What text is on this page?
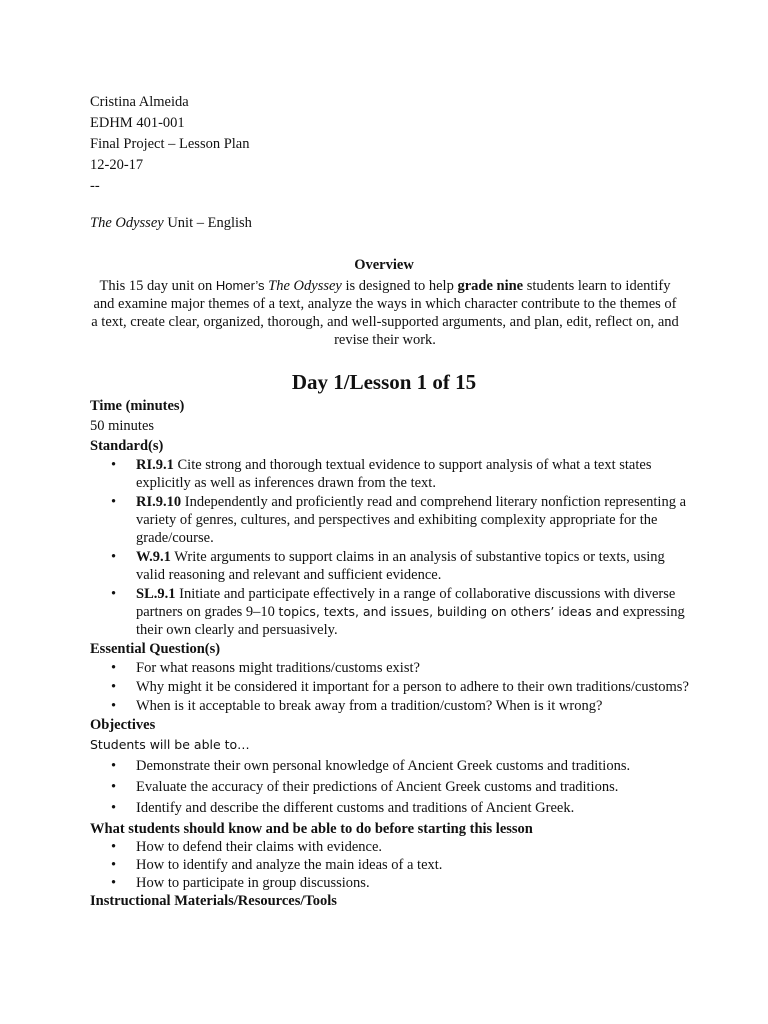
Cristina Almeida
EDHM 401-001
Final Project – Lesson Plan
12-20-17
--
The Odyssey Unit – English
Overview
This 15 day unit on Homer’s The Odyssey is designed to help grade nine students learn to identify and examine major themes of a text, analyze the ways in which character contribute to the themes of a text, create clear, organized, thorough, and well-supported arguments, and plan, edit, reflect on, and revise their work.
Day 1/Lesson 1 of 15
Time (minutes)
50 minutes
Standard(s)
• RI.9.1 Cite strong and thorough textual evidence to support analysis of what a text states explicitly as well as inferences drawn from the text.
• RI.9.10 Independently and proficiently read and comprehend literary nonfiction representing a variety of genres, cultures, and perspectives and exhibiting complexity appropriate for the grade/course.
• W.9.1 Write arguments to support claims in an analysis of substantive topics or texts, using valid reasoning and relevant and sufficient evidence.
• SL.9.1 Initiate and participate effectively in a range of collaborative discussions with diverse partners on grades 9–10 topics, texts, and issues, building on others’ ideas and expressing their own clearly and persuasively.
Essential Question(s)
• For what reasons might traditions/customs exist?
• Why might it be considered it important for a person to adhere to their own traditions/customs?
• When is it acceptable to break away from a tradition/custom? When is it wrong?
Objectives
Students will be able to…
• Demonstrate their own personal knowledge of Ancient Greek customs and traditions.
• Evaluate the accuracy of their predictions of Ancient Greek customs and traditions.
• Identify and describe the different customs and traditions of Ancient Greek.
What students should know and be able to do before starting this lesson
• How to defend their claims with evidence.
• How to identify and analyze the main ideas of a text.
• How to participate in group discussions.
Instructional Materials/Resources/Tools
